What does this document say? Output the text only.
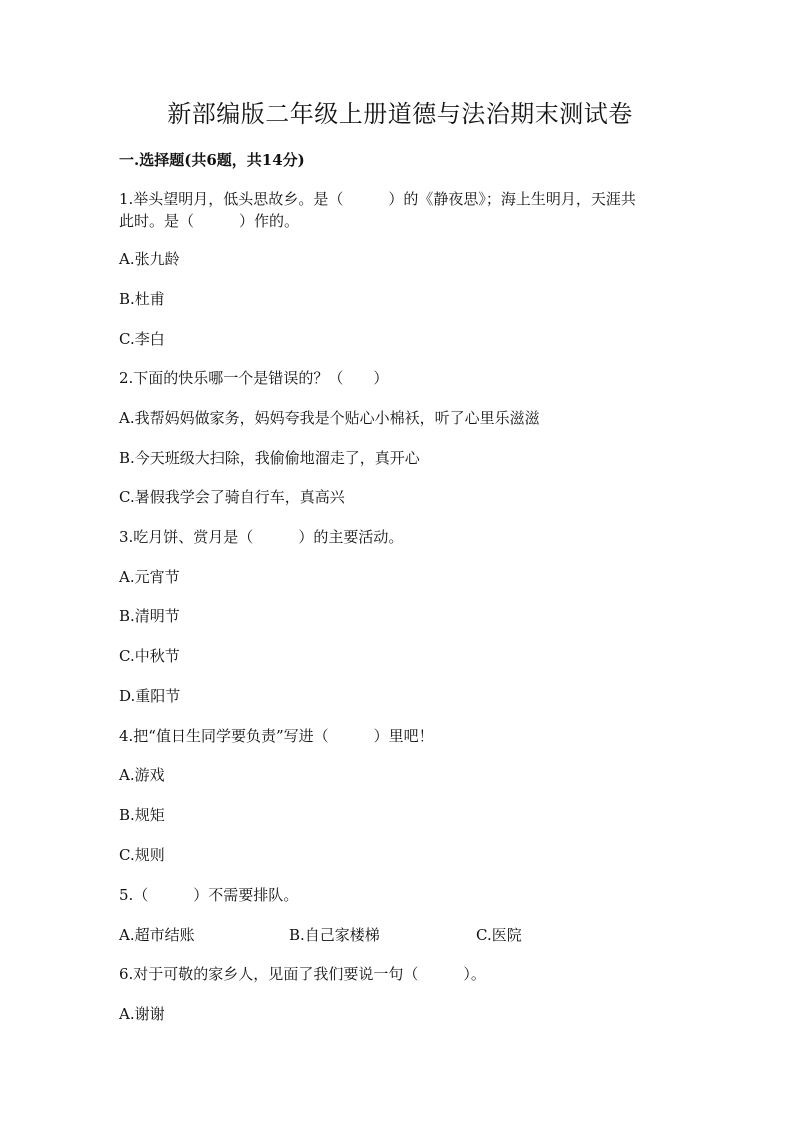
新部编版二年级上册道德与法治期末测试卷
一.选择题(共6题，共14分)
1.举头望明月，低头思故乡。是（　　　）的《静夜思》；海上生明月，天涯共
此时。是（　　　）作的。
A.张九龄
B.杜甫
C.李白
2.下面的快乐哪一个是错误的？（　　）
A.我帮妈妈做家务，妈妈夸我是个贴心小棉袄，听了心里乐滋滋
B.今天班级大扫除，我偷偷地溜走了，真开心
C.暑假我学会了骑自行车，真高兴
3.吃月饼、赏月是（　　　）的主要活动。
A.元宵节
B.清明节
C.中秋节
D.重阳节
4.把“值日生同学要负责”写进（　　　）里吧！
A.游戏
B.规矩
C.规则
5.（　　　）不需要排队。
A.超市结账	B.自己家楼梯	C.医院
6.对于可敬的家乡人，见面了我们要说一句（　　　）。
A.谢谢
